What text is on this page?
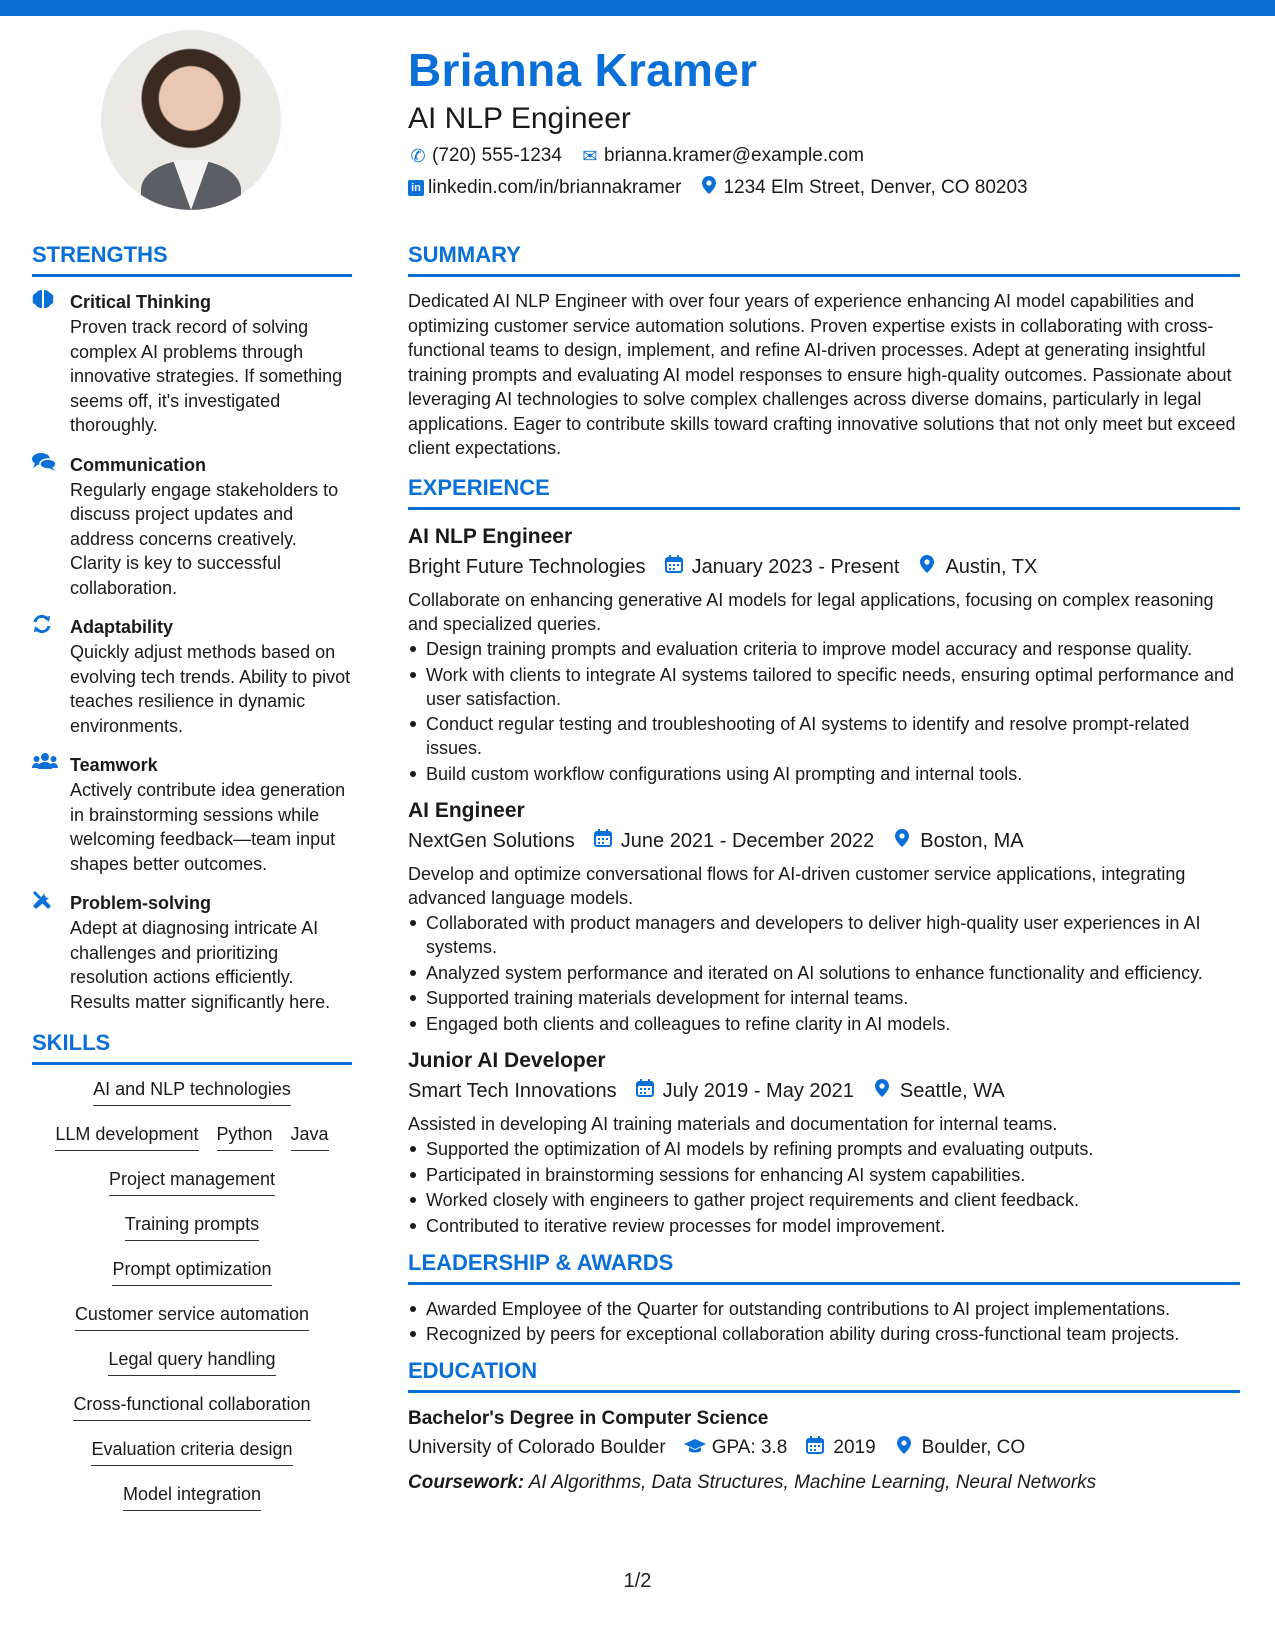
Brianna Kramer
AI NLP Engineer
✆ (720) 555-1234 ✉ brianna.kramer@example.com
in linkedin.com/in/briannakramer 1234 Elm Street, Denver, CO 80203
STRENGTHS
Critical Thinking
Proven track record of solving complex AI problems through innovative strategies. If something seems off, it's investigated thoroughly.
Communication
Regularly engage stakeholders to discuss project updates and address concerns creatively. Clarity is key to successful collaboration.
Adaptability
Quickly adjust methods based on evolving tech trends. Ability to pivot teaches resilience in dynamic environments.
Teamwork
Actively contribute idea generation in brainstorming sessions while welcoming feedback—team input shapes better outcomes.
Problem-solving
Adept at diagnosing intricate AI challenges and prioritizing resolution actions efficiently. Results matter significantly here.
SKILLS
AI and NLP technologies
LLM development Python Java
Project management
Training prompts
Prompt optimization
Customer service automation
Legal query handling
Cross-functional collaboration
Evaluation criteria design
Model integration
SUMMARY
Dedicated AI NLP Engineer with over four years of experience enhancing AI model capabilities and optimizing customer service automation solutions. Proven expertise exists in collaborating with cross-functional teams to design, implement, and refine AI-driven processes. Adept at generating insightful training prompts and evaluating AI model responses to ensure high-quality outcomes. Passionate about leveraging AI technologies to solve complex challenges across diverse domains, particularly in legal applications. Eager to contribute skills toward crafting innovative solutions that not only meet but exceed client expectations.
EXPERIENCE
AI NLP Engineer
Bright Future Technologies January 2023 - Present Austin, TX
Collaborate on enhancing generative AI models for legal applications, focusing on complex reasoning and specialized queries.
Design training prompts and evaluation criteria to improve model accuracy and response quality.
Work with clients to integrate AI systems tailored to specific needs, ensuring optimal performance and user satisfaction.
Conduct regular testing and troubleshooting of AI systems to identify and resolve prompt-related issues.
Build custom workflow configurations using AI prompting and internal tools.
AI Engineer
NextGen Solutions June 2021 - December 2022 Boston, MA
Develop and optimize conversational flows for AI-driven customer service applications, integrating advanced language models.
Collaborated with product managers and developers to deliver high-quality user experiences in AI systems.
Analyzed system performance and iterated on AI solutions to enhance functionality and efficiency.
Supported training materials development for internal teams.
Engaged both clients and colleagues to refine clarity in AI models.
Junior AI Developer
Smart Tech Innovations July 2019 - May 2021 Seattle, WA
Assisted in developing AI training materials and documentation for internal teams.
Supported the optimization of AI models by refining prompts and evaluating outputs.
Participated in brainstorming sessions for enhancing AI system capabilities.
Worked closely with engineers to gather project requirements and client feedback.
Contributed to iterative review processes for model improvement.
LEADERSHIP & AWARDS
Awarded Employee of the Quarter for outstanding contributions to AI project implementations.
Recognized by peers for exceptional collaboration ability during cross-functional team projects.
EDUCATION
Bachelor's Degree in Computer Science
University of Colorado Boulder GPA: 3.8 2019 Boulder, CO
Coursework: AI Algorithms, Data Structures, Machine Learning, Neural Networks
1/2
